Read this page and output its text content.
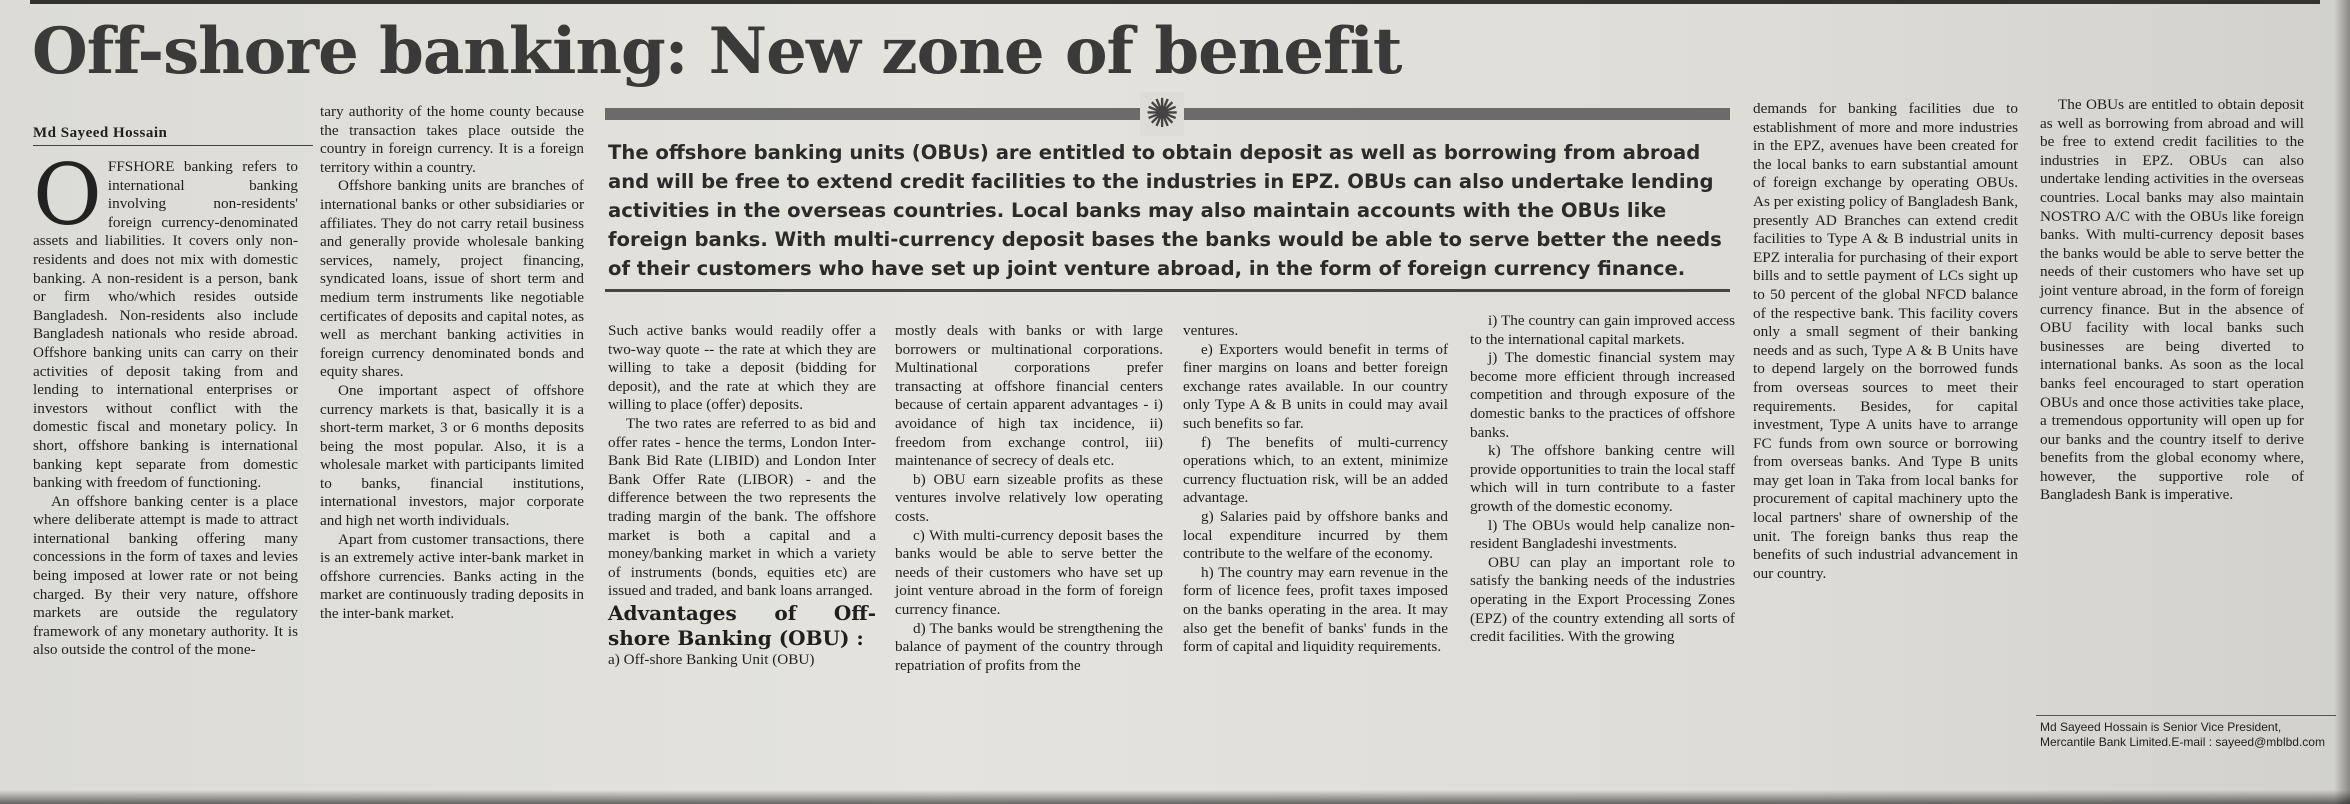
Off-shore banking: New zone of benefit
Md Sayeed Hossain

OFFSHORE banking refers to international banking involving non-residents' foreign currency-denominated assets and liabilities. It covers only non-residents and does not mix with domestic banking. A non-resident is a person, bank or firm who/which resides outside Bangladesh. Non-residents also include Bangladesh nationals who reside abroad. Offshore banking units can carry on their activities of deposit taking from and lending to international enterprises or investors without conflict with the domestic fiscal and monetary policy. In short, offshore banking is international banking kept separate from domestic banking with freedom of functioning.

An offshore banking center is a place where deliberate attempt is made to attract international banking offering many concessions in the form of taxes and levies being imposed at lower rate or not being charged. By their very nature, offshore markets are outside the regulatory framework of any monetary authority. It is also outside the control of the mone-

tary authority of the home county because the transaction takes place outside the country in foreign currency. It is a foreign territory within a country.

Offshore banking units are branches of international banks or other subsidiaries or affiliates. They do not carry retail business and generally provide wholesale banking services, namely, project financing, syndicated loans, issue of short term and medium term instruments like negotiable certificates of deposits and capital notes, as well as merchant banking activities in foreign currency denominated bonds and equity shares.

One important aspect of offshore currency markets is that, basically it is a short-term market, 3 or 6 months deposits being the most popular. Also, it is a wholesale market with participants limited to banks, financial institutions, international investors, major corporate and high net worth individuals.

Apart from customer transactions, there is an extremely active inter-bank market in offshore currencies. Banks acting in the market are continuously trading deposits in the inter-bank market.

✺
The offshore banking units (OBUs) are entitled to obtain deposit as well as borrowing from abroad and will be free to extend credit facilities to the industries in EPZ. OBUs can also undertake lending activities in the overseas countries. Local banks may also maintain accounts with the OBUs like foreign banks. With multi-currency deposit bases the banks would be able to serve better the needs of their customers who have set up joint venture abroad, in the form of foreign currency finance.

Such active banks would readily offer a two-way quote -- the rate at which they are willing to take a deposit (bidding for deposit), and the rate at which they are willing to place (offer) deposits.

The two rates are referred to as bid and offer rates - hence the terms, London Inter-Bank Bid Rate (LIBID) and London Inter Bank Offer Rate (LIBOR) - and the difference between the two represents the trading margin of the bank. The offshore market is both a capital and a money/banking market in which a variety of instruments (bonds, equities etc) are issued and traded, and bank loans arranged.

Advantages of Off-shore Banking (OBU) :

a) Off-shore Banking Unit (OBU)

mostly deals with banks or with large borrowers or multinational corporations. Multinational corporations prefer transacting at offshore financial centers because of certain apparent advantages - i) avoidance of high tax incidence, ii) freedom from exchange control, iii) maintenance of secrecy of deals etc.

b) OBU earn sizeable profits as these ventures involve relatively low operating costs.

c) With multi-currency deposit bases the banks would be able to serve better the needs of their customers who have set up joint venture abroad in the form of foreign currency finance.

d) The banks would be strengthening the balance of payment of the country through repatriation of profits from the

ventures.

e) Exporters would benefit in terms of finer margins on loans and better foreign exchange rates available. In our country only Type A & B units in could may avail such benefits so far.

f) The benefits of multi-currency operations which, to an extent, minimize currency fluctuation risk, will be an added advantage.

g) Salaries paid by offshore banks and local expenditure incurred by them contribute to the welfare of the economy.

h) The country may earn revenue in the form of licence fees, profit taxes imposed on the banks operating in the area. It may also get the benefit of banks' funds in the form of capital and liquidity requirements.

i) The country can gain improved access to the international capital markets.

j) The domestic financial system may become more efficient through increased competition and through exposure of the domestic banks to the practices of offshore banks.

k) The offshore banking centre will provide opportunities to train the local staff which will in turn contribute to a faster growth of the domestic economy.

l) The OBUs would help canalize non-resident Bangladeshi investments.

OBU can play an important role to satisfy the banking needs of the industries operating in the Export Processing Zones (EPZ) of the country extending all sorts of credit facilities. With the growing

demands for banking facilities due to establishment of more and more industries in the EPZ, avenues have been created for the local banks to earn substantial amount of foreign exchange by operating OBUs. As per existing policy of Bangladesh Bank, presently AD Branches can extend credit facilities to Type A & B industrial units in EPZ interalia for purchasing of their export bills and to settle payment of LCs sight up to 50 percent of the global NFCD balance of the respective bank. This facility covers only a small segment of their banking needs and as such, Type A & B Units have to depend largely on the borrowed funds from overseas sources to meet their requirements. Besides, for capital investment, Type A units have to arrange FC funds from own source or borrowing from overseas banks. And Type B units may get loan in Taka from local banks for procurement of capital machinery upto the local partners' share of ownership of the unit. The foreign banks thus reap the benefits of such industrial advancement in our country.

The OBUs are entitled to obtain deposit as well as borrowing from abroad and will be free to extend credit facilities to the industries in EPZ. OBUs can also undertake lending activities in the overseas countries. Local banks may also maintain NOSTRO A/C with the OBUs like foreign banks. With multi-currency deposit bases the banks would be able to serve better the needs of their customers who have set up joint venture abroad, in the form of foreign currency finance. But in the absence of OBU facility with local banks such businesses are being diverted to international banks. As soon as the local banks feel encouraged to start operation OBUs and once those activities take place, a tremendous opportunity will open up for our banks and the country itself to derive benefits from the global economy where, however, the supportive role of Bangladesh Bank is imperative.

Md Sayeed Hossain is Senior Vice President, Mercantile Bank Limited.E-mail : sayeed@mblbd.com
